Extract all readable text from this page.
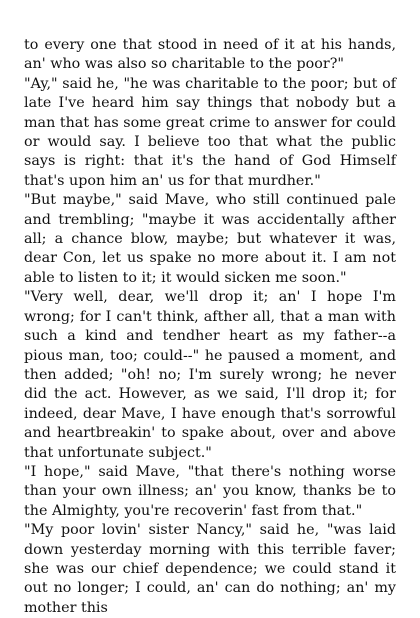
to every one that stood in need of it at his hands, an' who was also so charitable to the poor?"

"Ay," said he, "he was charitable to the poor; but of late I've heard him say things that nobody but a man that has some great crime to answer for could or would say. I believe too that what the public says is right: that it's the hand of God Himself that's upon him an' us for that murdher."

"But maybe," said Mave, who still continued pale and trembling; "maybe it was accidentally afther all; a chance blow, maybe; but whatever it was, dear Con, let us spake no more about it. I am not able to listen to it; it would sicken me soon."

"Very well, dear, we'll drop it; an' I hope I'm wrong; for I can't think, afther all, that a man with such a kind and tendher heart as my father--a pious man, too; could--" he paused a moment, and then added; "oh! no; I'm surely wrong; he never did the act. However, as we said, I'll drop it; for indeed, dear Mave, I have enough that's sorrowful and heartbreakin' to spake about, over and above that unfortunate subject."

"I hope," said Mave, "that there's nothing worse than your own illness; an' you know, thanks be to the Almighty, you're recoverin' fast from that."

"My poor lovin' sister Nancy," said he, "was laid down yesterday morning with this terrible faver; she was our chief dependence; we could stand it out no longer; I could, an' can do nothing; an' my mother this
